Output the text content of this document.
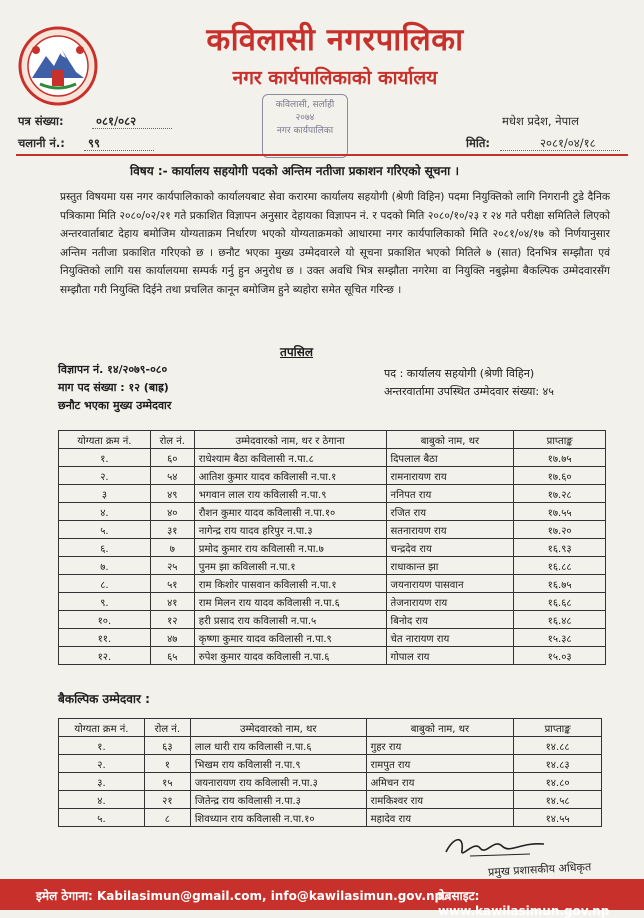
कविलासी नगरपालिका
नगर कार्यपालिकाको कार्यालय
कविलासी, सर्लाही
२०७४
नगर कार्यपालिका
पत्र संख्या:	०८१/०८२
चलानी नं.: ९९
मधेश प्रदेश, नेपाल
मिति:	२०८१/०४/१८
विषय :- कार्यालय सहयोगी पदको अन्तिम नतीजा प्रकाशन गरिएको सूचना ।
प्रस्तुत विषयमा यस नगर कार्यपालिकाको कार्यालयबाट सेवा करारमा कार्यालय सहयोगी (श्रेणी विहिन) पदमा नियुक्तिको लागि निगरानी टुडे दैनिक पत्रिकामा मिति २०८०/०२/२१ गते प्रकाशित विज्ञापन अनुसार देहायका विज्ञापन नं. र पदको मिति २०८०/१०/२३ र २४ गते परीक्षा समितिले लिएको अन्तरवार्ताबाट देहाय बमोजिम योग्यताक्रम निर्धारण भएको योग्यताक्रमको आधारमा नगर कार्यपालिकाको मिति २०८१/०४/१७ को निर्णयानुसार अन्तिम नतीजा प्रकाशित गरिएको छ । छनौट भएका मुख्य उम्मेदवारले यो सूचना प्रकाशित भएको मितिले ७ (सात) दिनभित्र सम्झौता एवं नियुक्तिको लागि यस कार्यालयमा सम्पर्क गर्नु हुन अनुरोध छ । उक्त अवधि भित्र सम्झौता नगरेमा वा नियुक्ति नबुझेमा बैकल्पिक उम्मेदवारसँग सम्झौता गरी नियुक्ति दिईने तथा प्रचलित कानून बमोजिम हुने ब्यहोरा समेत सूचित गरिन्छ ।
तपसिल
विज्ञापन नं. १४/२०७९-०८०
माग पद संख्या : १२ (बाह्र)
छनौट भएका मुख्य उम्मेदवार
पद : कार्यालय सहयोगी (श्रेणी विहिन)
अन्तरवार्तामा उपस्थित उम्मेदवार संख्या: ४५
योग्यता क्रम नं.	रोल नं.	उम्मेदवारको नाम, थर र ठेगाना	बाबुको नाम, थर	प्राप्ताङ्क
१.	६०	राधेश्याम बैठा कविलासी न.पा.८	दिपलाल बैठा	१७.७५
२.	५४	आतिश कुमार यादव कविलासी न.पा.१	रामनारायण राय	१७.६०
३	४९	भगवान लाल राय कविलासी न.पा.९	ननिपत राय	१७.२८
४.	४०	रौशन कुमार यादव कविलासी न.पा.१०	रजित राय	१७.५५
५.	३१	नागेन्द्र राय यादव हरिपुर न.पा.३	सतनारायण राय	१७.२०
६.	७	प्रमोद कुमार राय कविलासी न.पा.७	चन्द्रदेव राय	१६.९३
७.	२५	पुनम झा कविलासी न.पा.१	राधाकान्त झा	१६.८८
८.	५१	राम किशोर पासवान कविलासी न.पा.१	जयनारायण पासवान	१६.७५
९.	४१	राम मिलन राय यादव कविलासी न.पा.६	तेजनारायण राय	१६.६८
१०.	१२	हरी प्रसाद राय कविलासी न.पा.५	बिनोद राय	१६.४८
११.	४७	कृष्णा कुमार यादव कविलासी न.पा.९	चेत नारायण राय	१५.३८
१२.	६५	रुपेश कुमार यादव कविलासी न.पा.६	गोपाल राय	१५.०३
बैकल्पिक उम्मेदवार :
योग्यता क्रम नं.	रोल नं.	उम्मेदवारको नाम, थर	बाबुको नाम, थर	प्राप्ताङ्क
१.	६३	लाल धारी राय कविलासी न.पा.६	गुहर राय	१४.८८
२.	१	भिखम राय कविलासी न.पा.९	रामपुत राय	१४.८३
३.	१५	जयनारायण राय कविलासी न.पा.३	अमिचन राय	१४.८०
४.	२१	जितेन्द्र राय कविलासी न.पा.३	रामकिश्वर राय	१४.५८
५.	८	शिवध्यान राय कविलासी न.पा.१०	महादेव राय	१४.५५
प्रमुख प्रशासकीय अधिकृत
इमेल ठेगाना: Kabilasimun@gmail.com, info@kawilasimun.gov.np.
वेबसाइट: www.kawilasimun.gov.np
